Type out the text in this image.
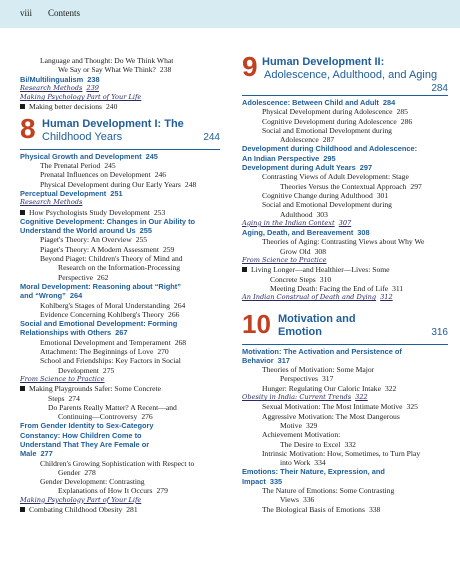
viii Contents
Language and Thought: Do We Think What
We Say or Say What We Think? 238
Bi/Multilingualism 238
Research Methods 239
Making Psychology Part of Your Life
Making better decisions 240
8 Human Development I: The
Childhood Years	244
Physical Growth and Development 245
The Prenatal Period 245
Prenatal Influences on Development 246
Physical Development during Our Early Years 248
Perceptual Development 251
Research Methods
How Psychologists Study Development 253
Cognitive Development: Changes in Our Ability to
Understand the World around Us 255
Piaget's Theory: An Overview 255
Piaget's Theory: A Modern Assessment 259
Beyond Piaget: Children's Theory of Mind and
Research on the Information-Processing
Perspective 262
Moral Development: Reasoning about “Right”
and “Wrong” 264
Kohlberg's Stages of Moral Understanding 264
Evidence Concerning Kohlberg's Theory 266
Social and Emotional Development: Forming
Relationships with Others 267
Emotional Development and Temperament 268
Attachment: The Beginnings of Love 270
School and Friendships: Key Factors in Social
Development 275
From Science to Practice
Making Playgrounds Safer: Some Concrete
Steps 274
Do Parents Really Matter? A Recent—and
Continuing—Controversy 276
From Gender Identity to Sex-Category
Constancy: How Children Come to
Understand That They Are Female or
Male 277
Children's Growing Sophistication with Respect to
Gender 278
Gender Development: Contrasting
Explanations of How It Occurs 279
Making Psychology Part of Your Life
Combating Childhood Obesity 281
9 Human Development II:
Adolescence, Adulthood, and Aging
284
Adolescence: Between Child and Adult 284
Physical Development during Adolescence 285
Cognitive Development during Adolescence 286
Social and Emotional Development during
Adolescence 287
Development during Childhood and Adolescence:
An Indian Perspective 295
Development during Adult Years 297
Contrasting Views of Adult Development: Stage
Theories Versus the Contextual Approach 297
Cognitive Change during Adulthood 301
Social and Emotional Development during
Adulthood 303
Aging in the Indian Context 307
Aging, Death, and Bereavement 308
Theories of Aging: Contrasting Views about Why We
Grow Old 308
From Science to Practice
Living Longer—and Healthier—Lives: Some
Concrete Steps 310
Meeting Death: Facing the End of Life 311
An Indian Construal of Death and Dying 312
10 Motivation and
Emotion	316
Motivation: The Activation and Persistence of
Behavior 317
Theories of Motivation: Some Major
Perspectives 317
Hunger: Regulating Our Caloric Intake 322
Obesity in India: Current Trends 322
Sexual Motivation: The Most Intimate Motive 325
Aggressive Motivation: The Most Dangerous
Motive 329
Achievement Motivation:
The Desire to Excel 332
Intrinsic Motivation: How, Sometimes, to Turn Play
into Work 334
Emotions: Their Nature, Expression, and
Impact 335
The Nature of Emotions: Some Contrasting
Views 336
The Biological Basis of Emotions 338
